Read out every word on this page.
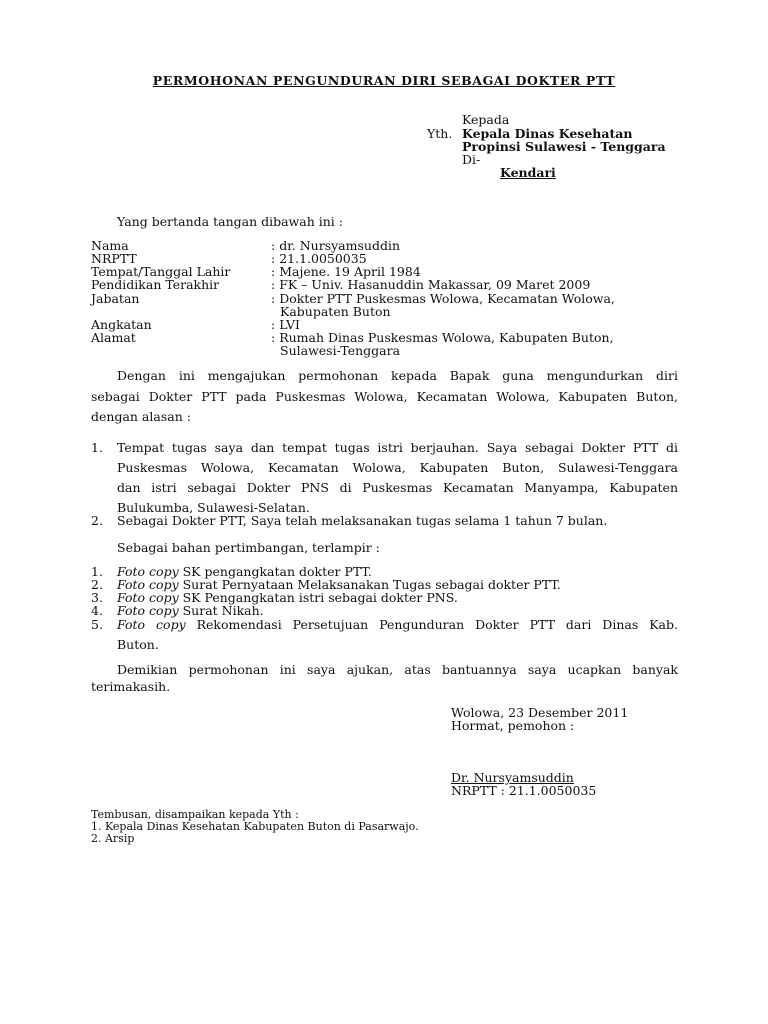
PERMOHONAN PENGUNDURAN DIRI SEBAGAI DOKTER PTT
Kepada
Yth. Kepala Dinas Kesehatan
Propinsi Sulawesi - Tenggara
Di-
Kendari
Yang bertanda tangan dibawah ini :
Nama	: dr. Nursyamsuddin
NRPTT	: 21.1.0050035
Tempat/Tanggal Lahir	: Majene. 19 April 1984
Pendidikan Terakhir	: FK – Univ. Hasanuddin Makassar, 09 Maret 2009
Jabatan	: Dokter PTT Puskesmas Wolowa, Kecamatan Wolowa,
Kabupaten Buton
Angkatan	: LVI
Alamat	: Rumah Dinas Puskesmas Wolowa, Kabupaten Buton,
Sulawesi-Tenggara
Dengan ini mengajukan permohonan kepada Bapak guna mengundurkan diri
sebagai Dokter PTT pada Puskesmas Wolowa, Kecamatan Wolowa, Kabupaten Buton,
dengan alasan :
1. Tempat tugas saya dan tempat tugas istri berjauhan. Saya sebagai Dokter PTT di
Puskesmas Wolowa, Kecamatan Wolowa, Kabupaten Buton, Sulawesi-Tenggara
dan istri sebagai Dokter PNS di Puskesmas Kecamatan Manyampa, Kabupaten
Bulukumba, Sulawesi-Selatan.
2. Sebagai Dokter PTT, Saya telah melaksanakan tugas selama 1 tahun 7 bulan.
Sebagai bahan pertimbangan, terlampir :
1. Foto copy SK pengangkatan dokter PTT.
2. Foto copy Surat Pernyataan Melaksanakan Tugas sebagai dokter PTT.
3. Foto copy SK Pengangkatan istri sebagai dokter PNS.
4. Foto copy Surat Nikah.
5. Foto copy Rekomendasi Persetujuan Pengunduran Dokter PTT dari Dinas Kab.
Buton.
Demikian permohonan ini saya ajukan, atas bantuannya saya ucapkan banyak
terimakasih.
Wolowa, 23 Desember 2011
Hormat, pemohon :
Dr. Nursyamsuddin
NRPTT : 21.1.0050035
Tembusan, disampaikan kepada Yth :
1. Kepala Dinas Kesehatan Kabupaten Buton di Pasarwajo.
2. Arsip
